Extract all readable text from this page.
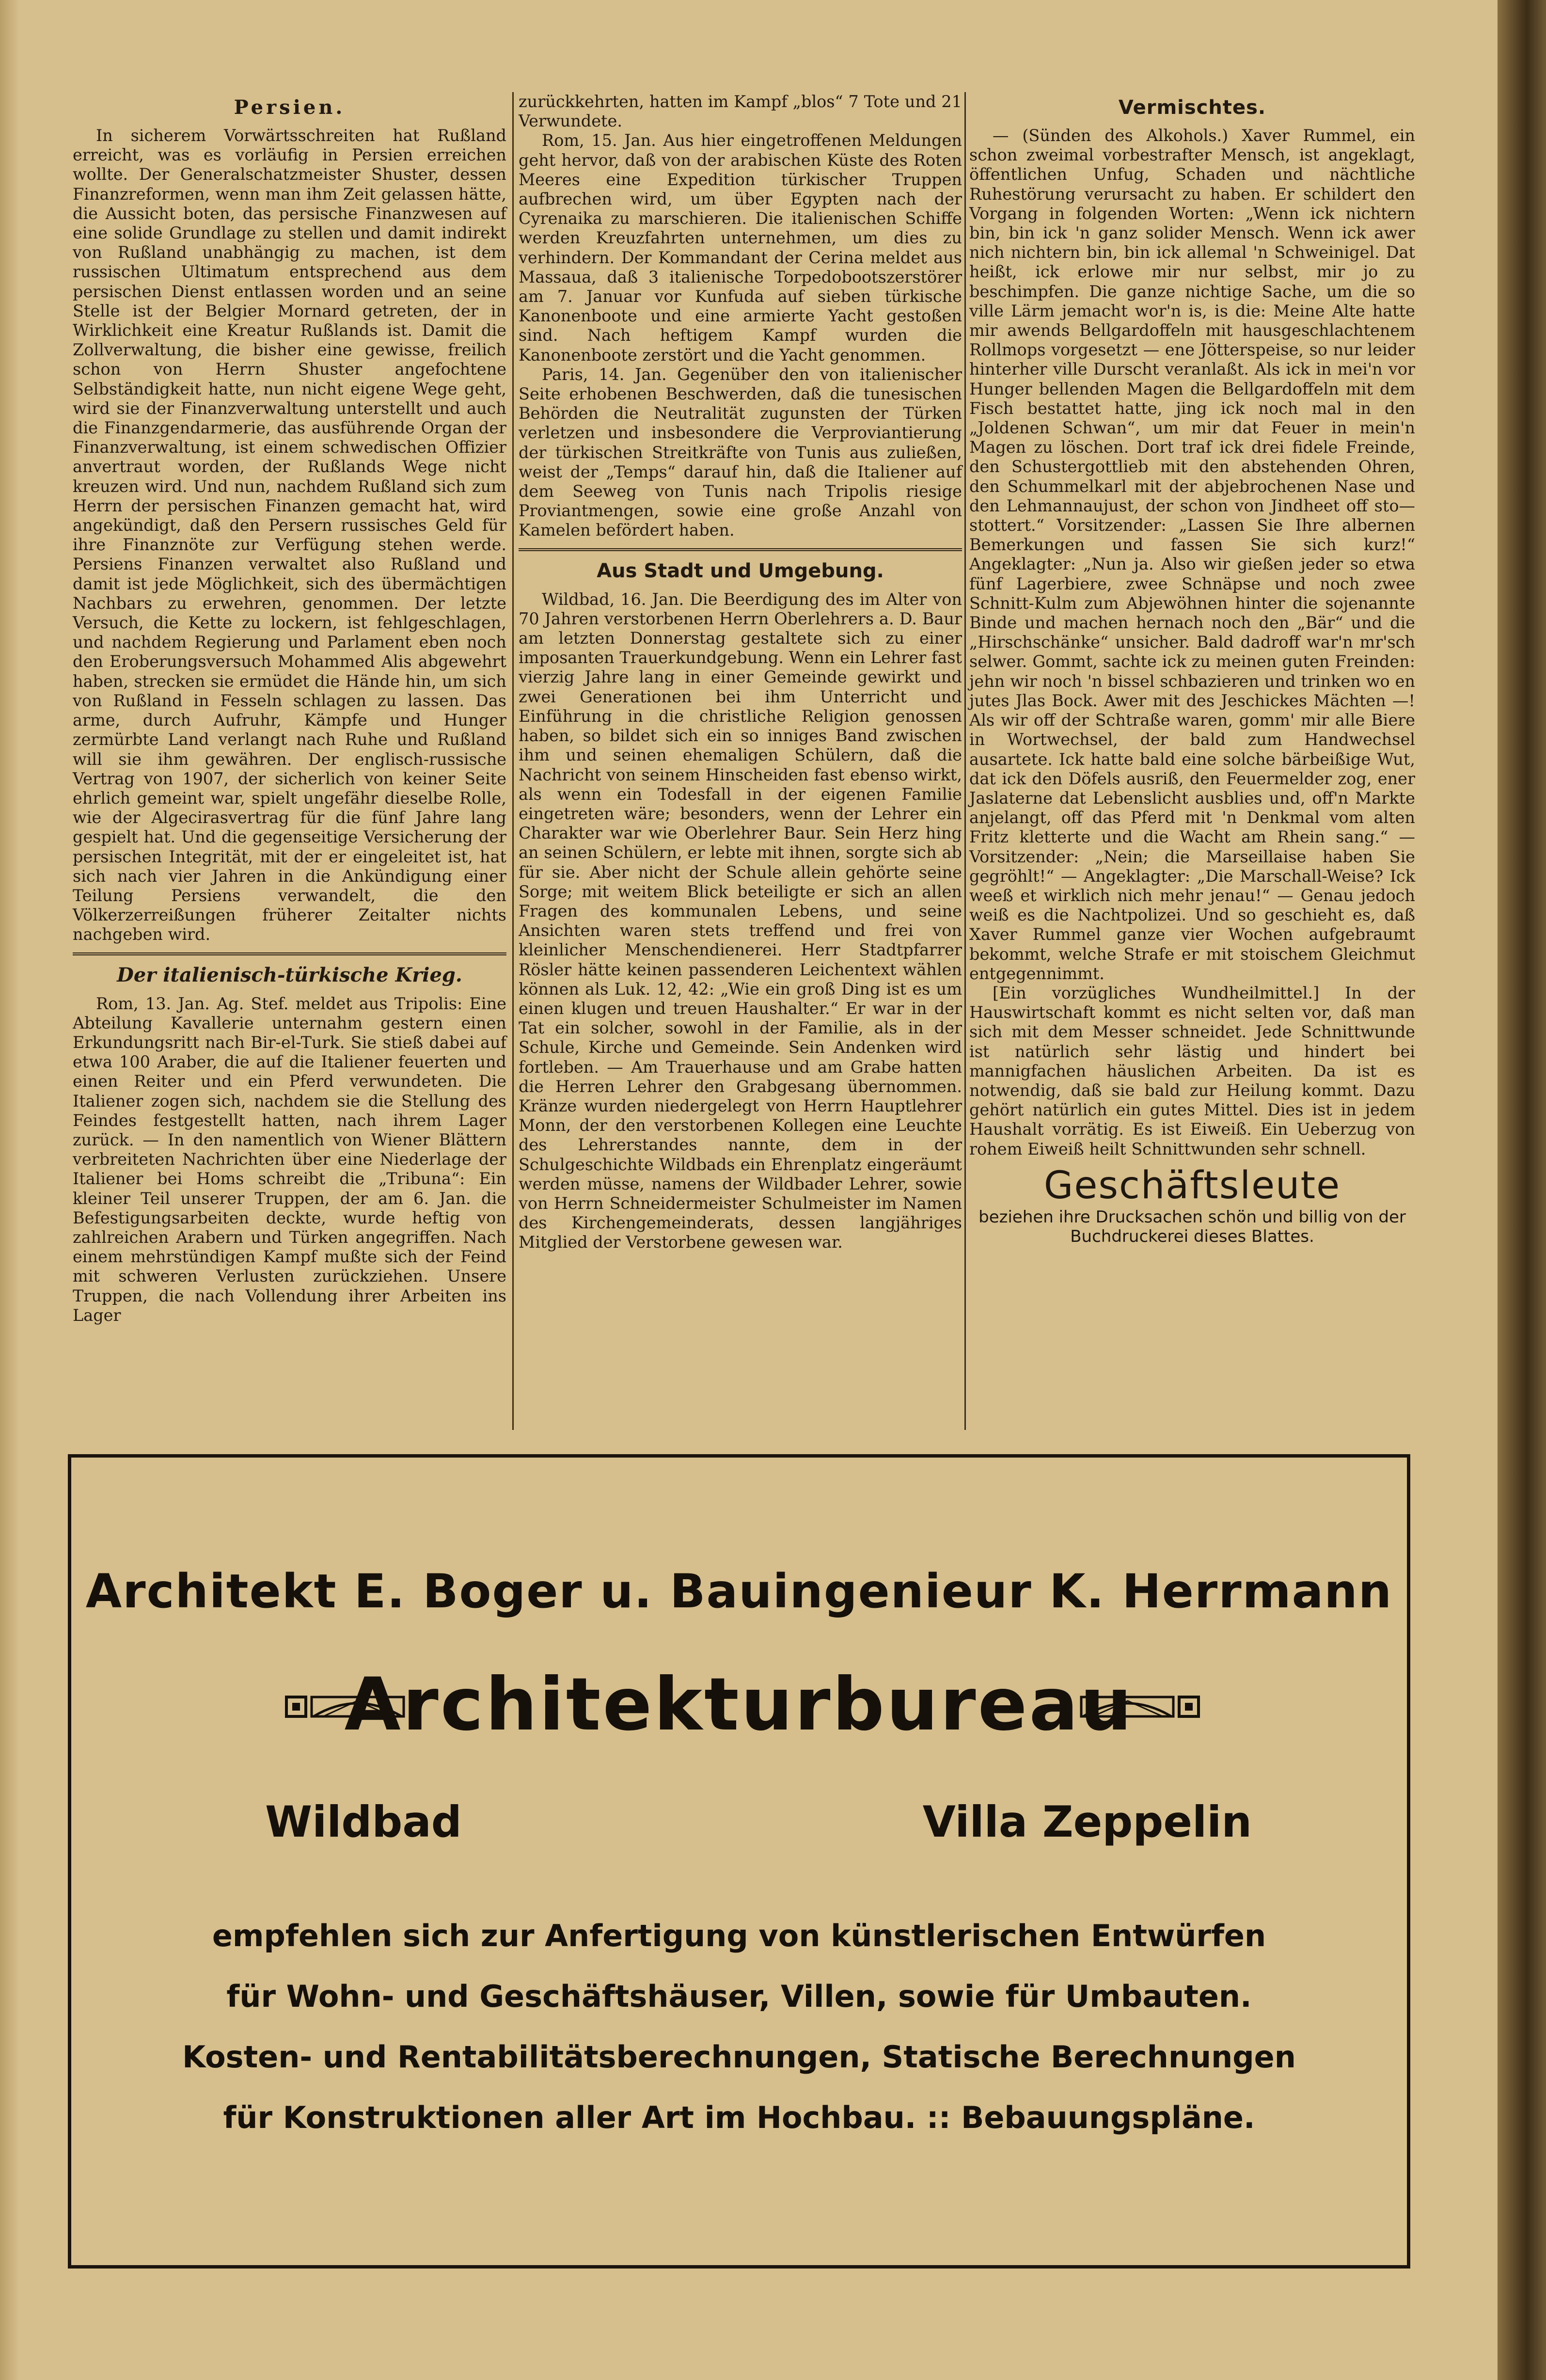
Persien.

In sicherem Vorwärtsschreiten hat Rußland erreicht, was es vorläufig in Persien erreichen wollte. Der Generalschatzmeister Shuster, dessen Finanzreformen, wenn man ihm Zeit gelassen hätte, die Aussicht boten, das persische Finanzwesen auf eine solide Grundlage zu stellen und damit indirekt von Rußland unabhängig zu machen, ist dem russischen Ultimatum entsprechend aus dem persischen Dienst entlassen worden und an seine Stelle ist der Belgier Mornard getreten, der in Wirklichkeit eine Kreatur Rußlands ist. Damit die Zollverwaltung, die bisher eine gewisse, freilich schon von Herrn Shuster angefochtene Selbständigkeit hatte, nun nicht eigene Wege geht, wird sie der Finanzverwaltung unterstellt und auch die Finanzgendarmerie, das ausführende Organ der Finanzverwaltung, ist einem schwedischen Offizier anvertraut worden, der Rußlands Wege nicht kreuzen wird. Und nun, nachdem Rußland sich zum Herrn der persischen Finanzen gemacht hat, wird angekündigt, daß den Persern russisches Geld für ihre Finanznöte zur Verfügung stehen werde. Persiens Finanzen verwaltet also Rußland und damit ist jede Möglichkeit, sich des übermächtigen Nachbars zu erwehren, genommen. Der letzte Versuch, die Kette zu lockern, ist fehlgeschlagen, und nachdem Regierung und Parlament eben noch den Eroberungsversuch Mohammed Alis abgewehrt haben, strecken sie ermüdet die Hände hin, um sich von Rußland in Fesseln schlagen zu lassen. Das arme, durch Aufruhr, Kämpfe und Hunger zermürbte Land verlangt nach Ruhe und Rußland will sie ihm gewähren. Der englisch-russische Vertrag von 1907, der sicherlich von keiner Seite ehrlich gemeint war, spielt ungefähr dieselbe Rolle, wie der Algecirasvertrag für die fünf Jahre lang gespielt hat. Und die gegenseitige Versicherung der persischen Integrität, mit der er eingeleitet ist, hat sich nach vier Jahren in die Ankündigung einer Teilung Persiens verwandelt, die den Völkerzerreißungen früherer Zeitalter nichts nachgeben wird.

Der italienisch-türkische Krieg.

Rom, 13. Jan. Ag. Stef. meldet aus Tripolis: Eine Abteilung Kavallerie unternahm gestern einen Erkundungsritt nach Bir-el-Turk. Sie stieß dabei auf etwa 100 Araber, die auf die Italiener feuerten und einen Reiter und ein Pferd verwundeten. Die Italiener zogen sich, nachdem sie die Stellung des Feindes festgestellt hatten, nach ihrem Lager zurück. — In den namentlich von Wiener Blättern verbreiteten Nachrichten über eine Niederlage der Italiener bei Homs schreibt die „Tribuna“: Ein kleiner Teil unserer Truppen, der am 6. Jan. die Befestigungsarbeiten deckte, wurde heftig von zahlreichen Arabern und Türken angegriffen. Nach einem mehrstündigen Kampf mußte sich der Feind mit schweren Verlusten zurückziehen. Unsere Truppen, die nach Vollendung ihrer Arbeiten ins Lager

zurückkehrten, hatten im Kampf „blos“ 7 Tote und 21 Verwundete.

Rom, 15. Jan. Aus hier eingetroffenen Meldungen geht hervor, daß von der arabischen Küste des Roten Meeres eine Expedition türkischer Truppen aufbrechen wird, um über Egypten nach der Cyrenaika zu marschieren. Die italienischen Schiffe werden Kreuzfahrten unternehmen, um dies zu verhindern. Der Kommandant der Cerina meldet aus Massaua, daß 3 italienische Torpedobootszerstörer am 7. Januar vor Kunfuda auf sieben türkische Kanonenboote und eine armierte Yacht gestoßen sind. Nach heftigem Kampf wurden die Kanonenboote zerstört und die Yacht genommen.

Paris, 14. Jan. Gegenüber den von italienischer Seite erhobenen Beschwerden, daß die tunesischen Behörden die Neutralität zugunsten der Türken verletzen und insbesondere die Verproviantierung der türkischen Streitkräfte von Tunis aus zuließen, weist der „Temps“ darauf hin, daß die Italiener auf dem Seeweg von Tunis nach Tripolis riesige Proviantmengen, sowie eine große Anzahl von Kamelen befördert haben.

Aus Stadt und Umgebung.

Wildbad, 16. Jan. Die Beerdigung des im Alter von 70 Jahren verstorbenen Herrn Oberlehrers a. D. Baur am letzten Donnerstag gestaltete sich zu einer imposanten Trauerkundgebung. Wenn ein Lehrer fast vierzig Jahre lang in einer Gemeinde gewirkt und zwei Generationen bei ihm Unterricht und Einführung in die christliche Religion genossen haben, so bildet sich ein so inniges Band zwischen ihm und seinen ehemaligen Schülern, daß die Nachricht von seinem Hinscheiden fast ebenso wirkt, als wenn ein Todesfall in der eigenen Familie eingetreten wäre; besonders, wenn der Lehrer ein Charakter war wie Oberlehrer Baur. Sein Herz hing an seinen Schülern, er lebte mit ihnen, sorgte sich ab für sie. Aber nicht der Schule allein gehörte seine Sorge; mit weitem Blick beteiligte er sich an allen Fragen des kommunalen Lebens, und seine Ansichten waren stets treffend und frei von kleinlicher Menschendienerei. Herr Stadtpfarrer Rösler hätte keinen passenderen Leichentext wählen können als Luk. 12, 42: „Wie ein groß Ding ist es um einen klugen und treuen Haushalter.“ Er war in der Tat ein solcher, sowohl in der Familie, als in der Schule, Kirche und Gemeinde. Sein Andenken wird fortleben. — Am Trauerhause und am Grabe hatten die Herren Lehrer den Grabgesang übernommen. Kränze wurden niedergelegt von Herrn Hauptlehrer Monn, der den verstorbenen Kollegen eine Leuchte des Lehrerstandes nannte, dem in der Schulgeschichte Wildbads ein Ehrenplatz eingeräumt werden müsse, namens der Wildbader Lehrer, sowie von Herrn Schneidermeister Schulmeister im Namen des Kirchengemeinderats, dessen langjähriges Mitglied der Verstorbene gewesen war.

Vermischtes.

— (Sünden des Alkohols.) Xaver Rummel, ein schon zweimal vorbestrafter Mensch, ist angeklagt, öffentlichen Unfug, Schaden und nächtliche Ruhestörung verursacht zu haben. Er schildert den Vorgang in folgenden Worten: „Wenn ick nichtern bin, bin ick 'n ganz solider Mensch. Wenn ick awer nich nichtern bin, bin ick allemal 'n Schweinigel. Dat heißt, ick erlowe mir nur selbst, mir jo zu beschimpfen. Die ganze nichtige Sache, um die so ville Lärm jemacht wor'n is, is die: Meine Alte hatte mir awends Bellgardoffeln mit hausgeschlachtenem Rollmops vorgesetzt — ene Jötterspeise, so nur leider hinterher ville Durscht veranlaßt. Als ick in mei'n vor Hunger bellenden Magen die Bellgardoffeln mit dem Fisch bestattet hatte, jing ick noch mal in den „Joldenen Schwan“, um mir dat Feuer in mein'n Magen zu löschen. Dort traf ick drei fidele Freinde, den Schustergottlieb mit den abstehenden Ohren, den Schummelkarl mit der abjebrochenen Nase und den Lehmannaujust, der schon von Jindheet off sto—stottert.“ Vorsitzender: „Lassen Sie Ihre albernen Bemerkungen und fassen Sie sich kurz!“ Angeklagter: „Nun ja. Also wir gießen jeder so etwa fünf Lagerbiere, zwee Schnäpse und noch zwee Schnitt-Kulm zum Abjewöhnen hinter die sojenannte Binde und machen hernach noch den „Bär“ und die „Hirschschänke“ unsicher. Bald dadroff war'n mr'sch selwer. Gommt, sachte ick zu meinen guten Freinden: jehn wir noch 'n bissel schbazieren und trinken wo en jutes Jlas Bock. Awer mit des Jeschickes Mächten —! Als wir off der Schtraße waren, gomm' mir alle Biere in Wortwechsel, der bald zum Handwechsel ausartete. Ick hatte bald eine solche bärbeißige Wut, dat ick den Döfels ausriß, den Feuermelder zog, ener Jaslaterne dat Lebenslicht ausblies und, off'n Markte anjelangt, off das Pferd mit 'n Denkmal vom alten Fritz kletterte und die Wacht am Rhein sang.“ — Vorsitzender: „Nein; die Marseillaise haben Sie gegröhlt!“ — Angeklagter: „Die Marschall-Weise? Ick weeß et wirklich nich mehr jenau!“ — Genau jedoch weiß es die Nachtpolizei. Und so geschieht es, daß Xaver Rummel ganze vier Wochen aufgebraumt bekommt, welche Strafe er mit stoischem Gleichmut entgegennimmt.

[Ein vorzügliches Wundheilmittel.] In der Hauswirtschaft kommt es nicht selten vor, daß man sich mit dem Messer schneidet. Jede Schnittwunde ist natürlich sehr lästig und hindert bei mannigfachen häuslichen Arbeiten. Da ist es notwendig, daß sie bald zur Heilung kommt. Dazu gehört natürlich ein gutes Mittel. Dies ist in jedem Haushalt vorrätig. Es ist Eiweiß. Ein Ueberzug von rohem Eiweiß heilt Schnittwunden sehr schnell.

Geschäftsleute
beziehen ihre Drucksachen schön und billig von der Buchdruckerei dieses Blattes.
Architekt E. Boger u. Bauingenieur K. Herrmann
Architekturbureau
Wildbad	Villa Zeppelin
empfehlen sich zur Anfertigung von künstlerischen Entwürfen
für Wohn- und Geschäftshäuser, Villen, sowie für Umbauten.
Kosten- und Rentabilitätsberechnungen, Statische Berechnungen
für Konstruktionen aller Art im Hochbau. :: Bebauungspläne.
